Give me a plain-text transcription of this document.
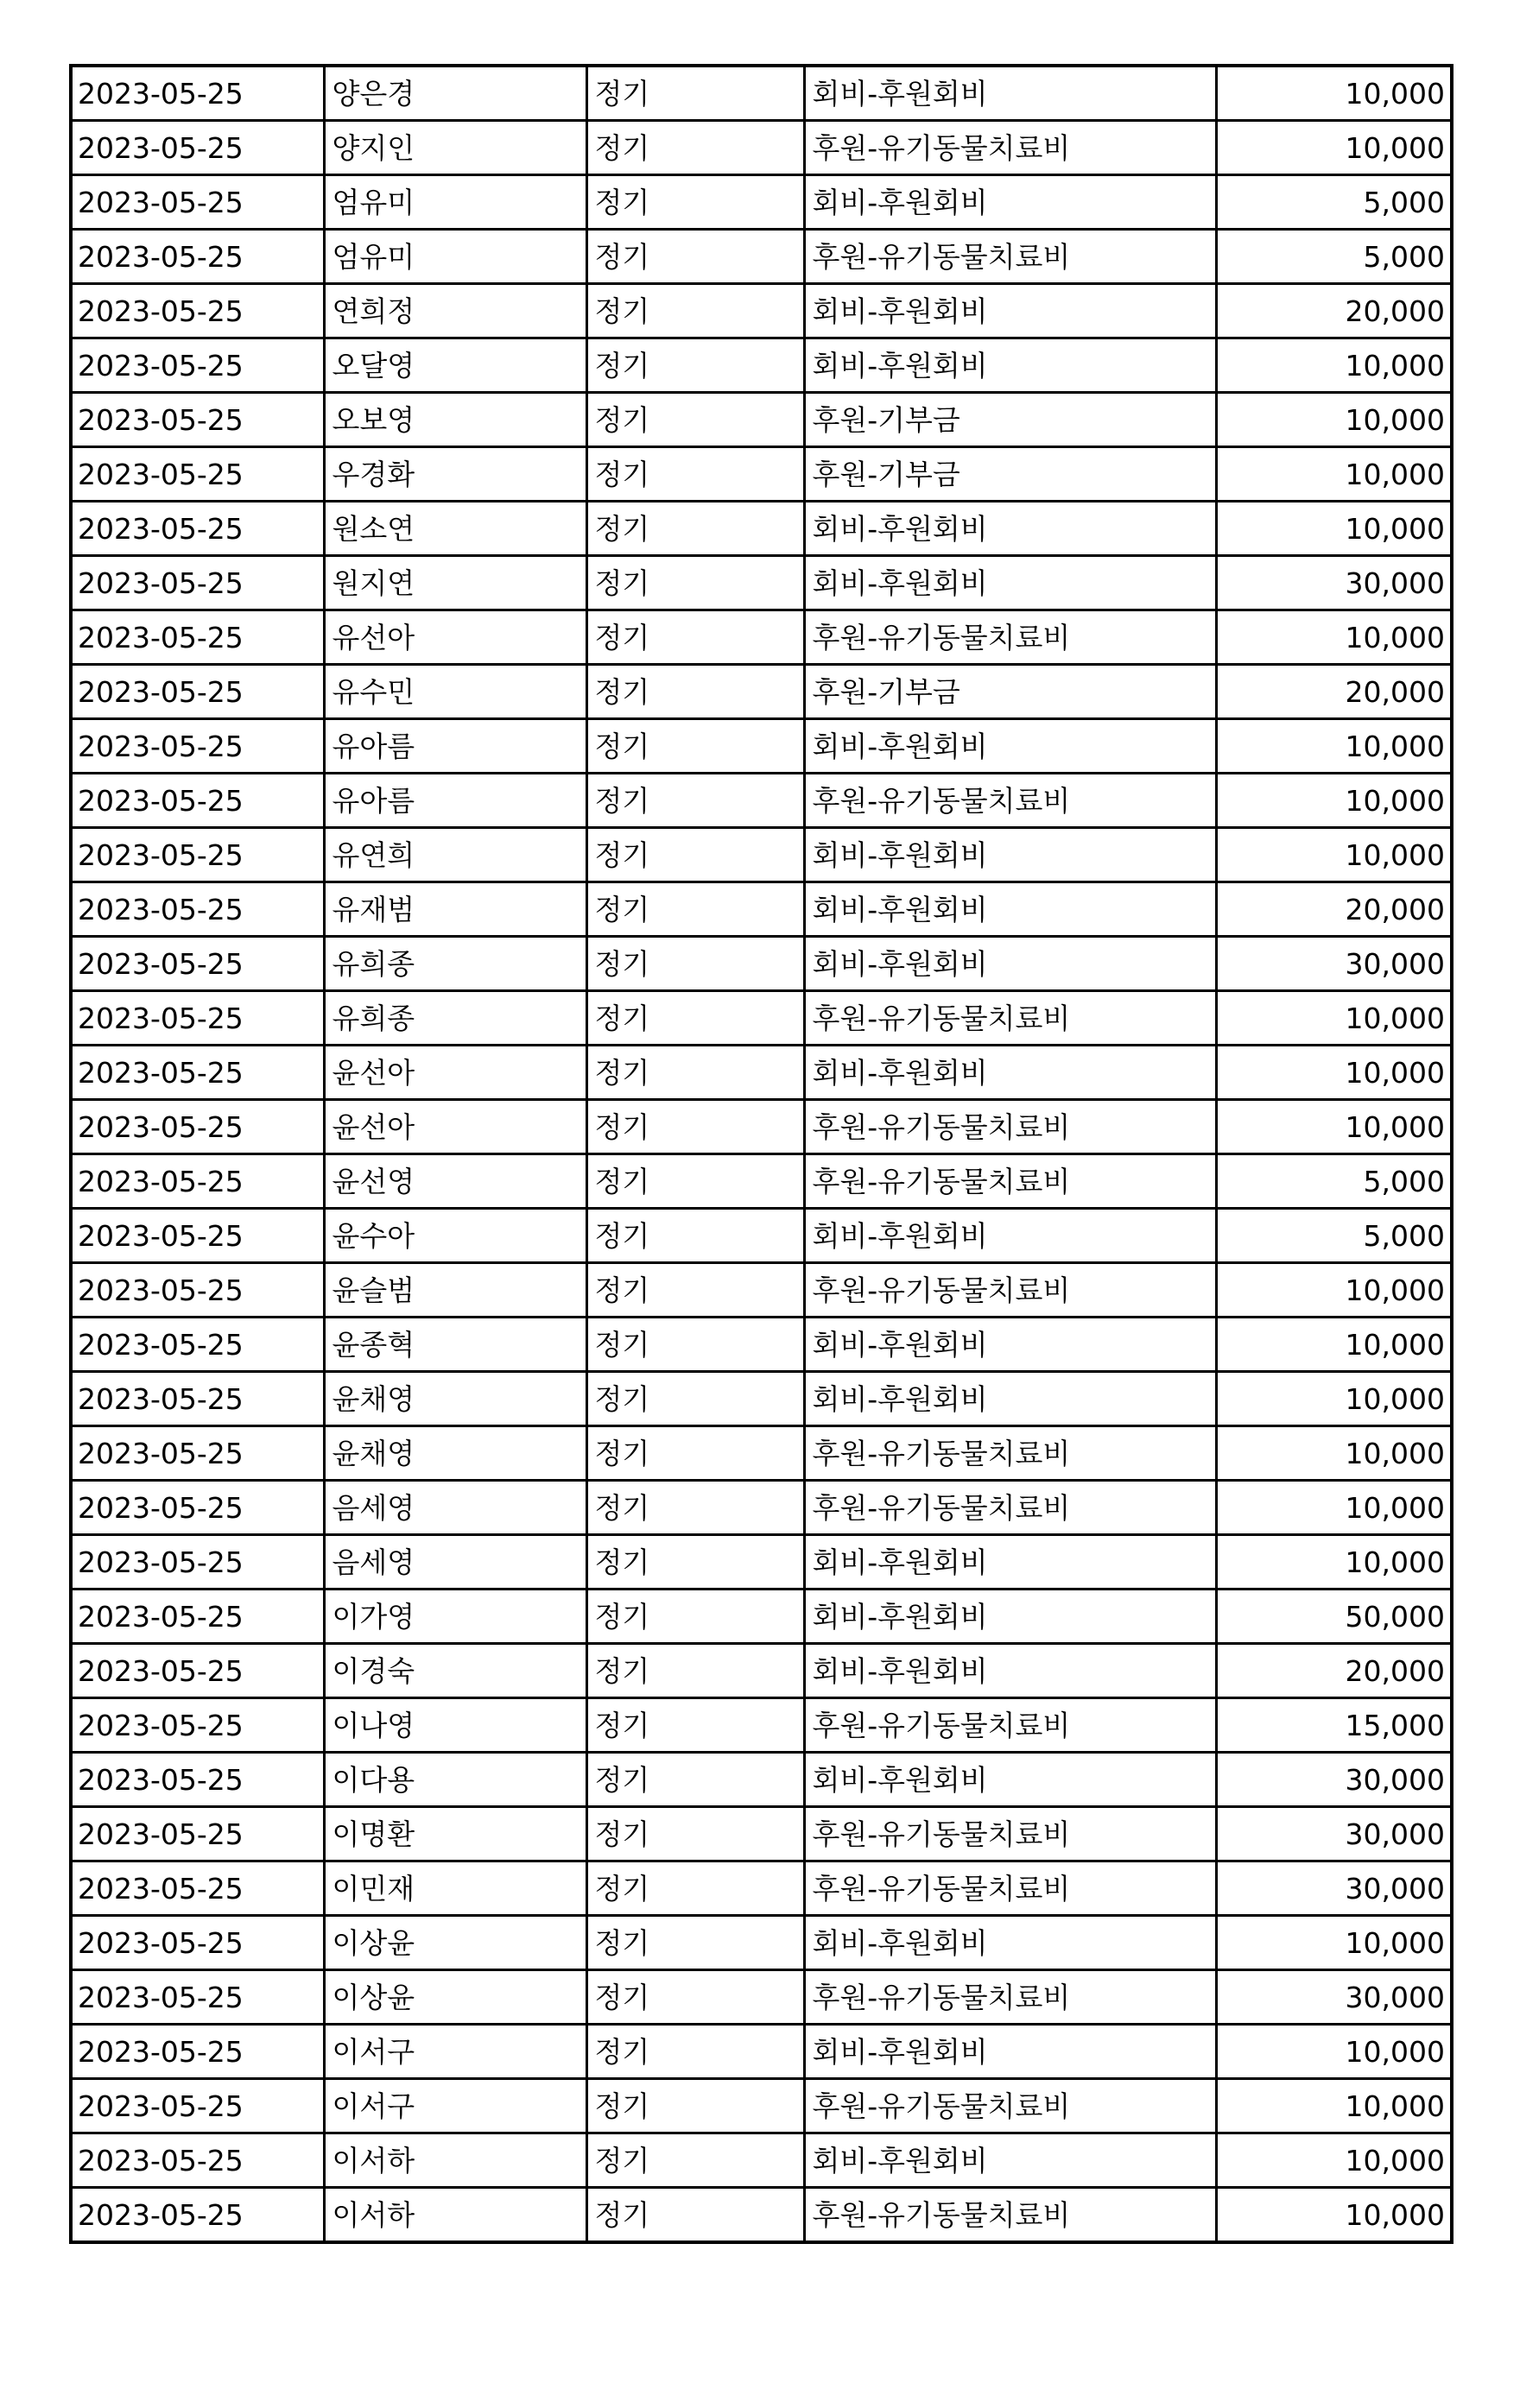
2023-05-25	양은경	정기	회비-후원회비	10,000
2023-05-25	양지인	정기	후원-유기동물치료비	10,000
2023-05-25	엄유미	정기	회비-후원회비	5,000
2023-05-25	엄유미	정기	후원-유기동물치료비	5,000
2023-05-25	연희정	정기	회비-후원회비	20,000
2023-05-25	오달영	정기	회비-후원회비	10,000
2023-05-25	오보영	정기	후원-기부금	10,000
2023-05-25	우경화	정기	후원-기부금	10,000
2023-05-25	원소연	정기	회비-후원회비	10,000
2023-05-25	원지연	정기	회비-후원회비	30,000
2023-05-25	유선아	정기	후원-유기동물치료비	10,000
2023-05-25	유수민	정기	후원-기부금	20,000
2023-05-25	유아름	정기	회비-후원회비	10,000
2023-05-25	유아름	정기	후원-유기동물치료비	10,000
2023-05-25	유연희	정기	회비-후원회비	10,000
2023-05-25	유재범	정기	회비-후원회비	20,000
2023-05-25	유희종	정기	회비-후원회비	30,000
2023-05-25	유희종	정기	후원-유기동물치료비	10,000
2023-05-25	윤선아	정기	회비-후원회비	10,000
2023-05-25	윤선아	정기	후원-유기동물치료비	10,000
2023-05-25	윤선영	정기	후원-유기동물치료비	5,000
2023-05-25	윤수아	정기	회비-후원회비	5,000
2023-05-25	윤슬범	정기	후원-유기동물치료비	10,000
2023-05-25	윤종혁	정기	회비-후원회비	10,000
2023-05-25	윤채영	정기	회비-후원회비	10,000
2023-05-25	윤채영	정기	후원-유기동물치료비	10,000
2023-05-25	음세영	정기	후원-유기동물치료비	10,000
2023-05-25	음세영	정기	회비-후원회비	10,000
2023-05-25	이가영	정기	회비-후원회비	50,000
2023-05-25	이경숙	정기	회비-후원회비	20,000
2023-05-25	이나영	정기	후원-유기동물치료비	15,000
2023-05-25	이다용	정기	회비-후원회비	30,000
2023-05-25	이명환	정기	후원-유기동물치료비	30,000
2023-05-25	이민재	정기	후원-유기동물치료비	30,000
2023-05-25	이상윤	정기	회비-후원회비	10,000
2023-05-25	이상윤	정기	후원-유기동물치료비	30,000
2023-05-25	이서구	정기	회비-후원회비	10,000
2023-05-25	이서구	정기	후원-유기동물치료비	10,000
2023-05-25	이서하	정기	회비-후원회비	10,000
2023-05-25	이서하	정기	후원-유기동물치료비	10,000
